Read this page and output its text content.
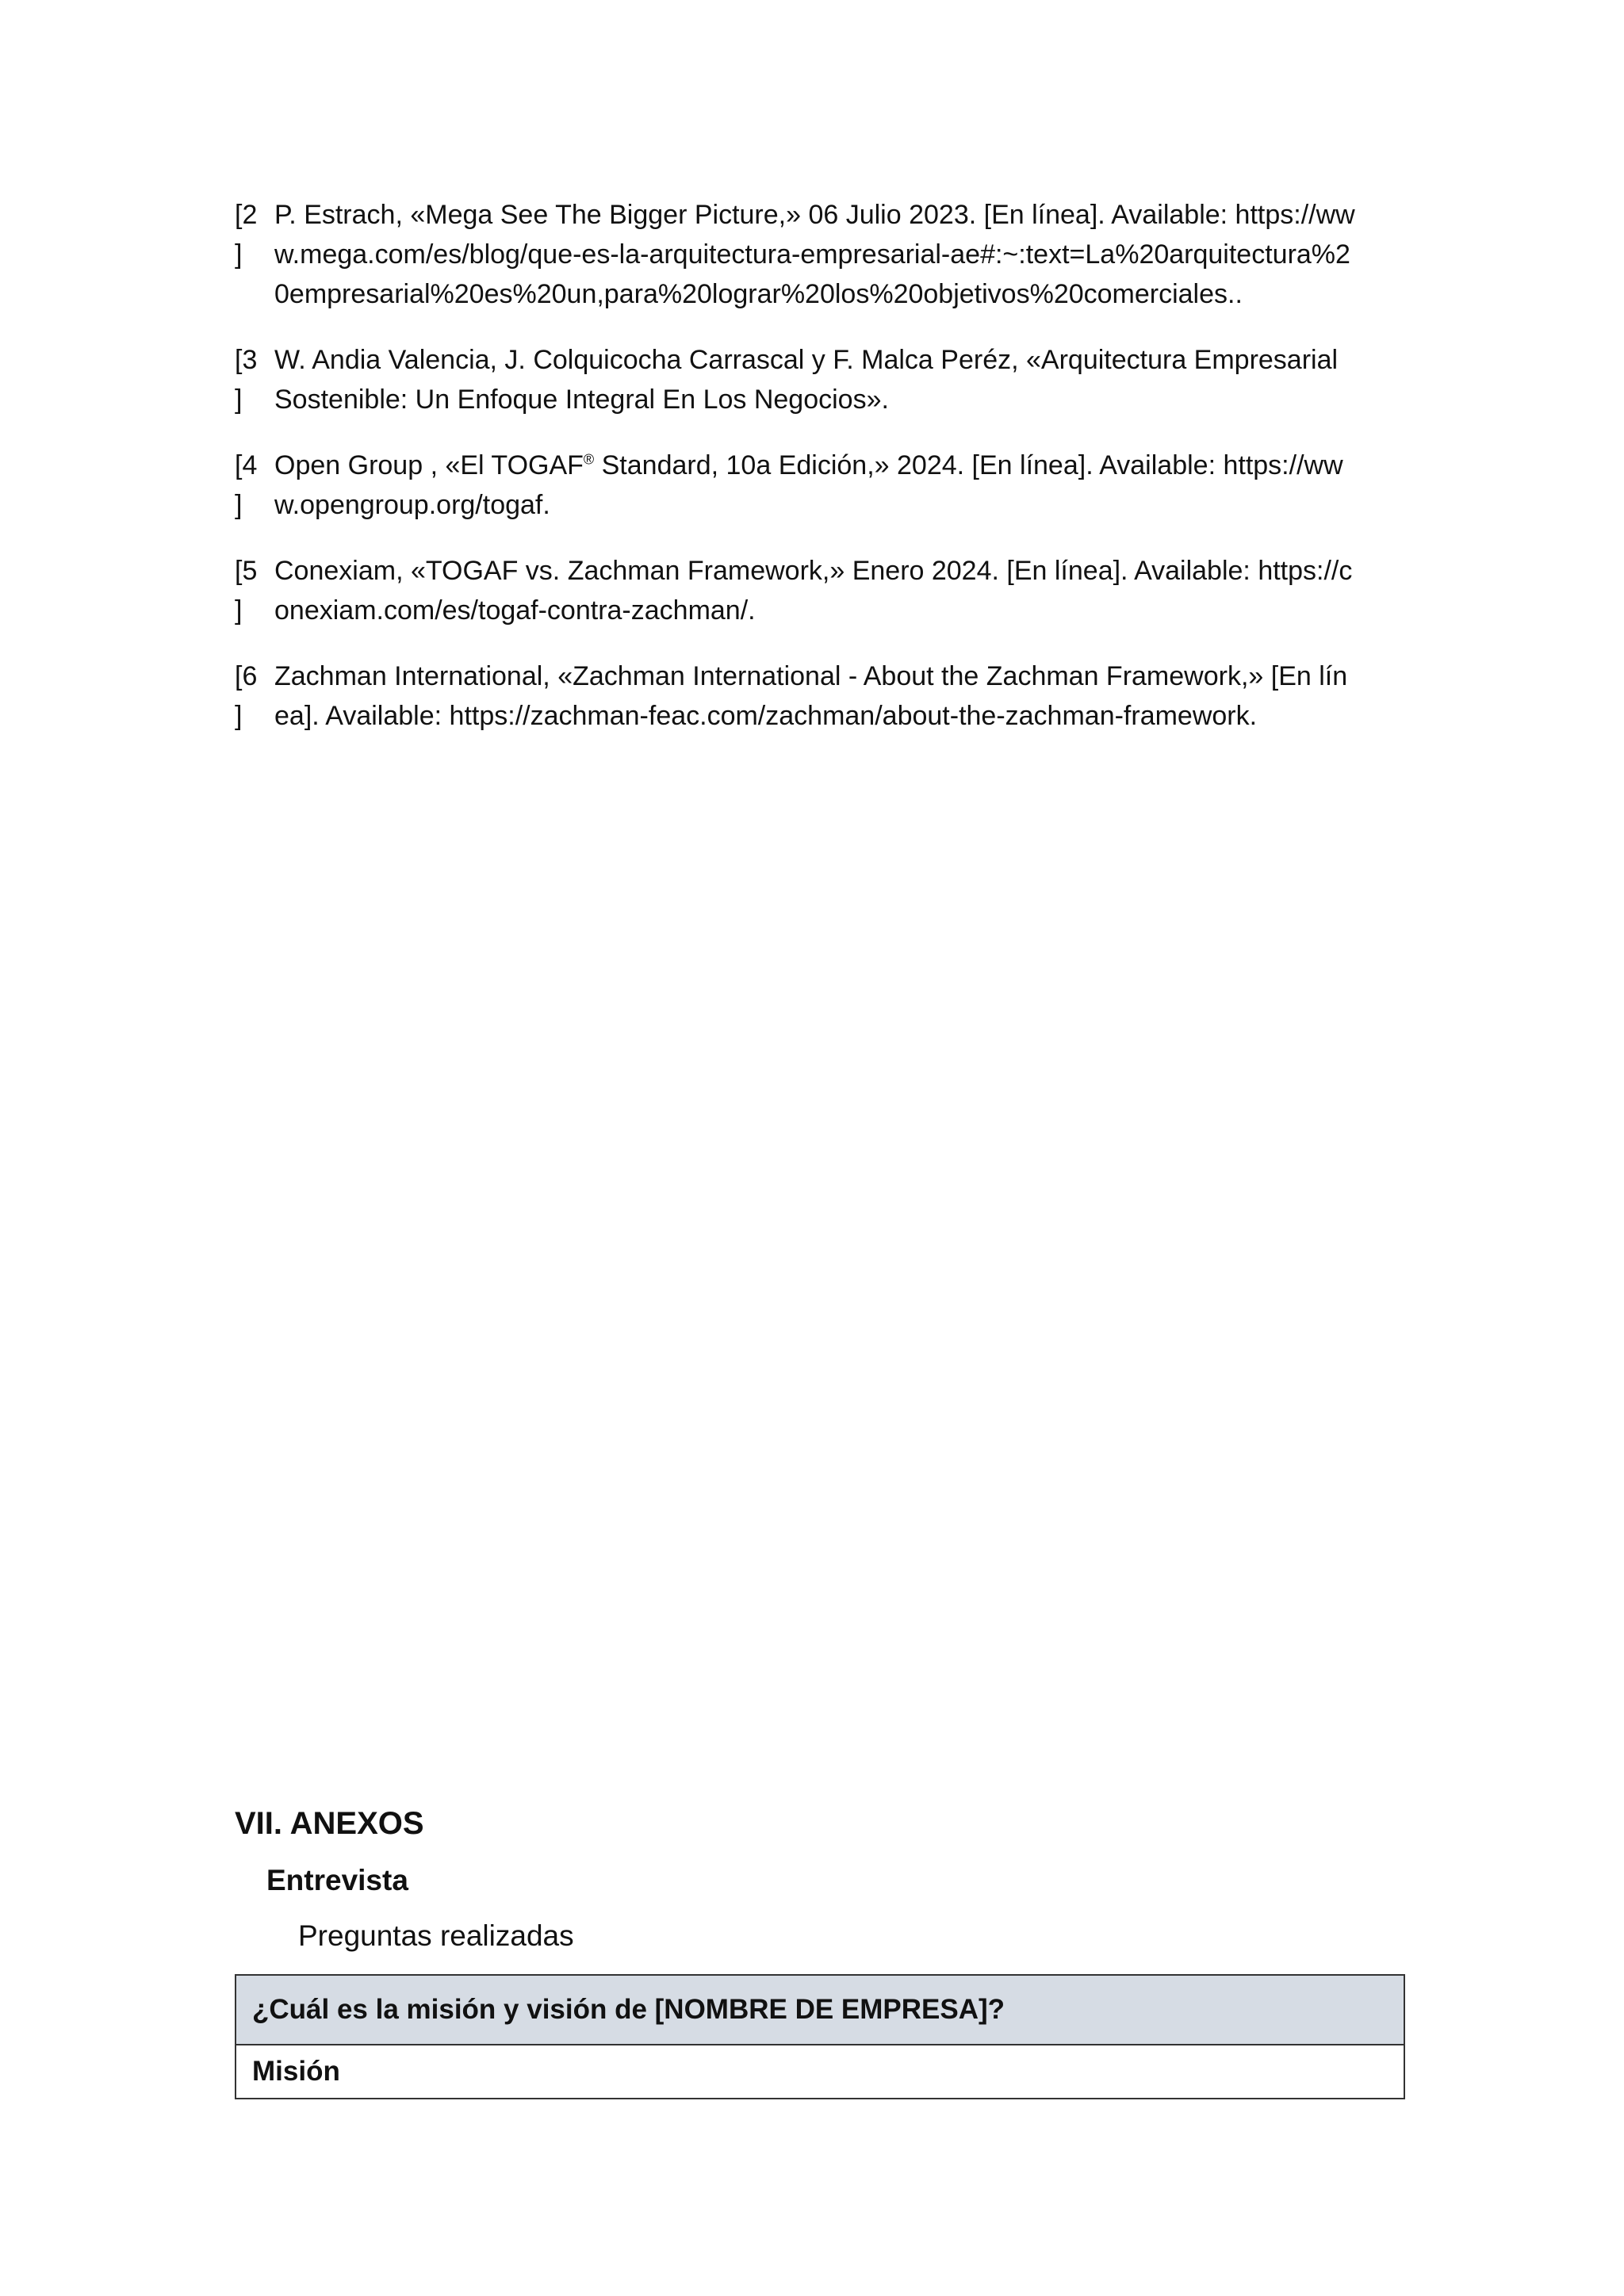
[2
]
P. Estrach, «Mega See The Bigger Picture,» 06 Julio 2023. [En línea]. Available: https://www.mega.com/es/blog/que-es-la-arquitectura-empresarial-ae#:~:text=La%20arquitectura%20empresarial%20es%20un,para%20lograr%20los%20objetivos%20comerciales..
[3
]
W. Andia Valencia, J. Colquicocha Carrascal y F. Malca Peréz, «Arquitectura Empresarial Sostenible: Un Enfoque Integral En Los Negocios».
[4
]
Open Group , «El TOGAF® Standard, 10a Edición,» 2024. [En línea]. Available: https://www.opengroup.org/togaf.
[5
]
Conexiam, «TOGAF vs. Zachman Framework,» Enero 2024. [En línea]. Available: https://conexiam.com/es/togaf-contra-zachman/.
[6
]
Zachman International, «Zachman International - About the Zachman Framework,» [En línea]. Available: https://zachman-feac.com/zachman/about-the-zachman-framework.
VII. ANEXOS
Entrevista
Preguntas realizadas
¿Cuál es la misión y visión de [NOMBRE DE EMPRESA]?
Misión
